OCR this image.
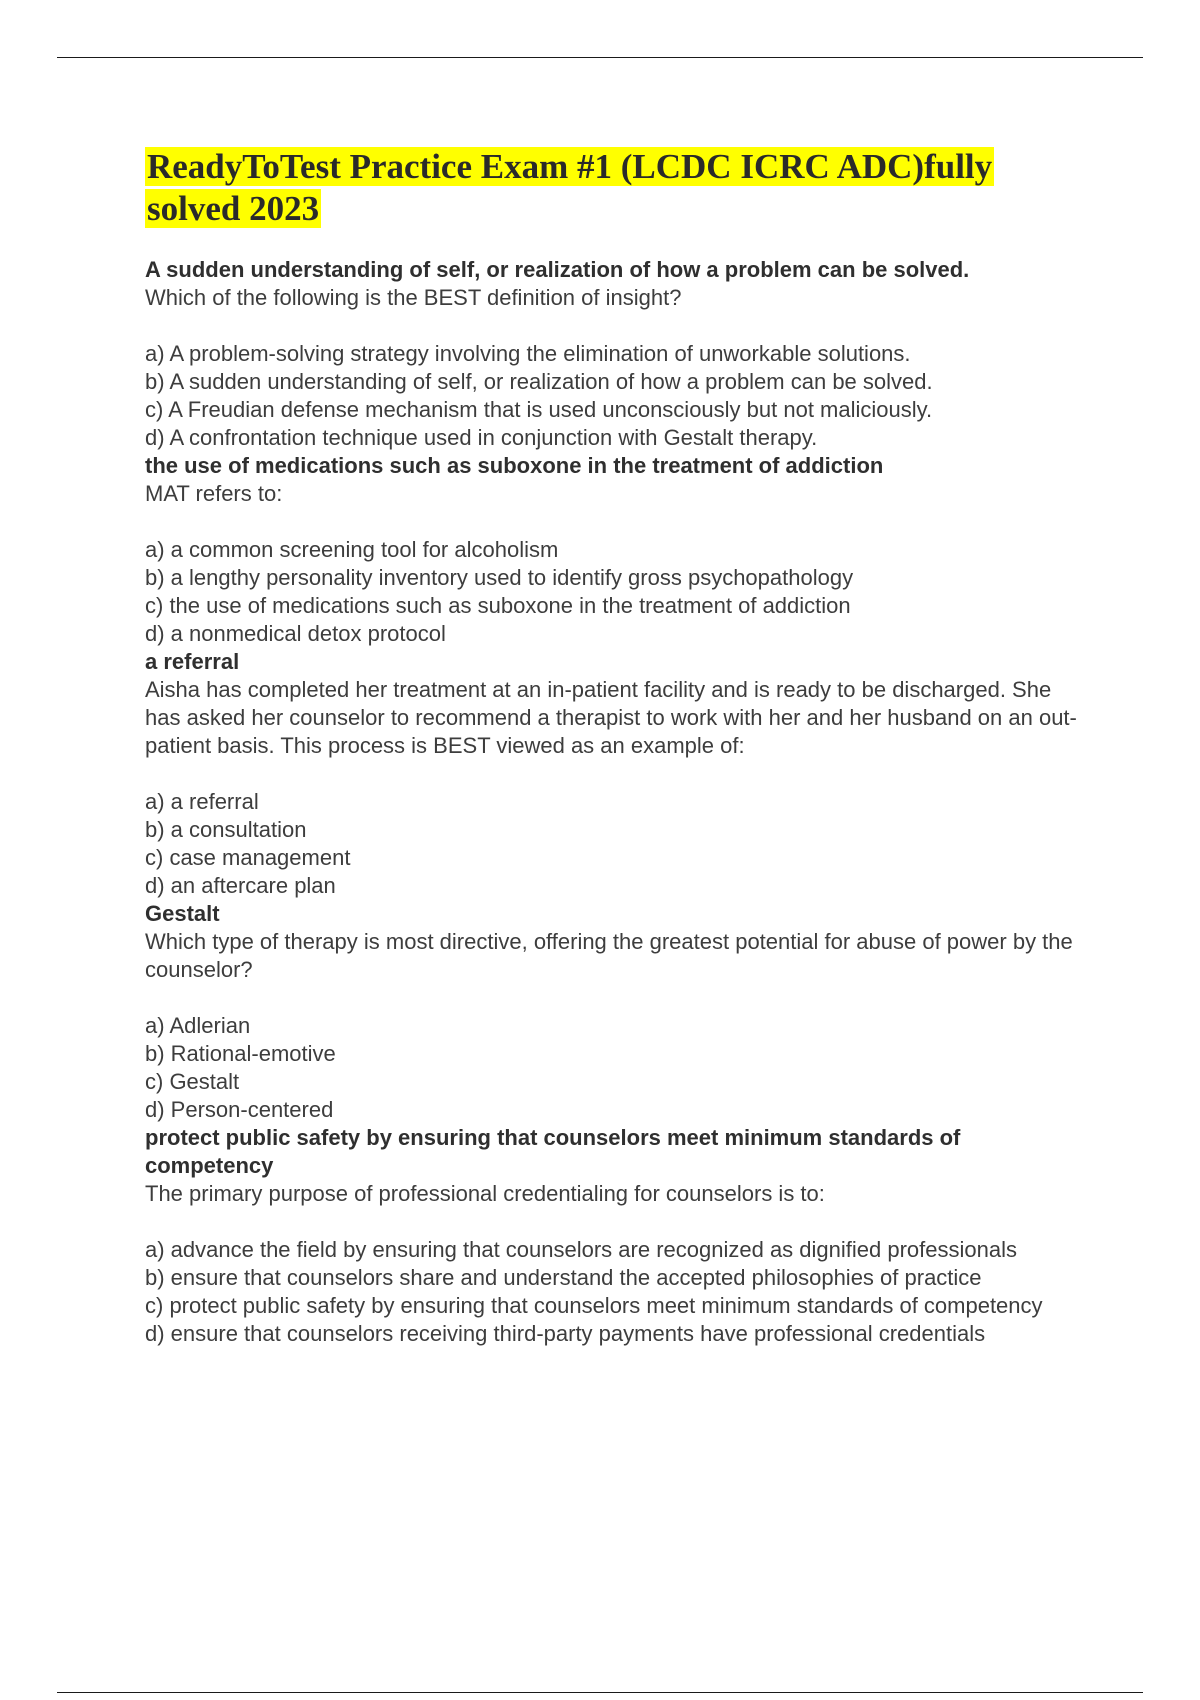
ReadyToTest Practice Exam #1 (LCDC ICRC ADC)fully solved 2023
A sudden understanding of self, or realization of how a problem can be solved.
Which of the following is the BEST definition of insight?
a) A problem-solving strategy involving the elimination of unworkable solutions.
b) A sudden understanding of self, or realization of how a problem can be solved.
c) A Freudian defense mechanism that is used unconsciously but not maliciously.
d) A confrontation technique used in conjunction with Gestalt therapy.
the use of medications such as suboxone in the treatment of addiction
MAT refers to:
a) a common screening tool for alcoholism
b) a lengthy personality inventory used to identify gross psychopathology
c) the use of medications such as suboxone in the treatment of addiction
d) a nonmedical detox protocol
a referral
Aisha has completed her treatment at an in-patient facility and is ready to be discharged. She has asked her counselor to recommend a therapist to work with her and her husband on an out-patient basis. This process is BEST viewed as an example of:
a) a referral
b) a consultation
c) case management
d) an aftercare plan
Gestalt
Which type of therapy is most directive, offering the greatest potential for abuse of power by the counselor?
a) Adlerian
b) Rational-emotive
c) Gestalt
d) Person-centered
protect public safety by ensuring that counselors meet minimum standards of competency
The primary purpose of professional credentialing for counselors is to:
a) advance the field by ensuring that counselors are recognized as dignified professionals
b) ensure that counselors share and understand the accepted philosophies of practice
c) protect public safety by ensuring that counselors meet minimum standards of competency
d) ensure that counselors receiving third-party payments have professional credentials
